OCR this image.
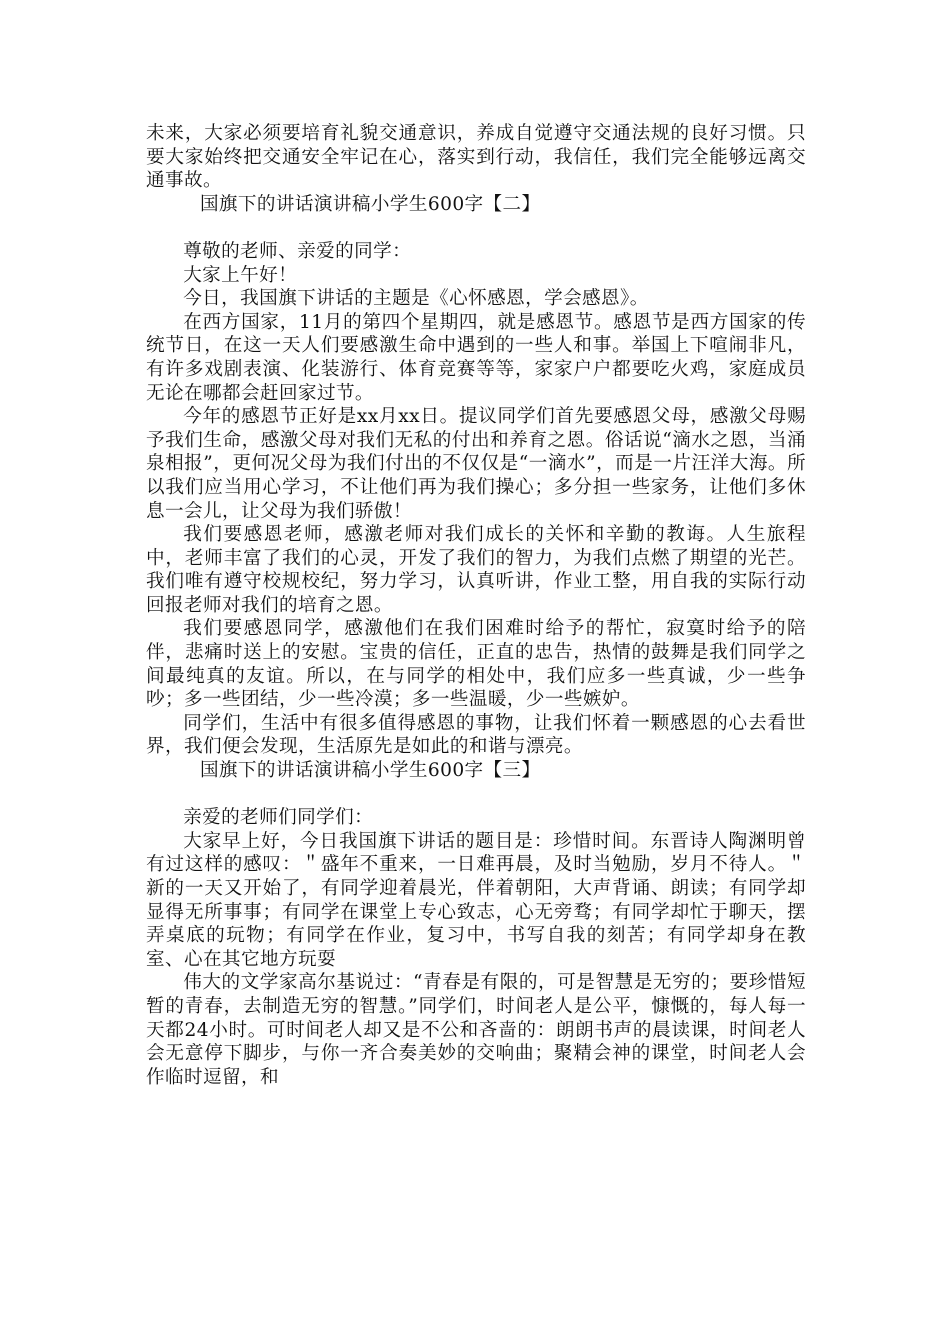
未来，大家必须要培育礼貌交通意识，养成自觉遵守交通法规的良好习惯。只要大家始终把交通安全牢记在心，落实到行动，我信任，我们完全能够远离交通事故。

国旗下的讲话演讲稿小学生600字【二】

尊敬的老师、亲爱的同学：

大家上午好！

今日，我国旗下讲话的主题是《心怀感恩，学会感恩》。

在西方国家，11月的第四个星期四，就是感恩节。感恩节是西方国家的传统节日，在这一天人们要感激生命中遇到的一些人和事。举国上下喧闹非凡，有许多戏剧表演、化装游行、体育竞赛等等，家家户户都要吃火鸡，家庭成员无论在哪都会赶回家过节。

今年的感恩节正好是xx月xx日。提议同学们首先要感恩父母，感激父母赐予我们生命，感激父母对我们无私的付出和养育之恩。俗话说“滴水之恩，当涌泉相报”，更何况父母为我们付出的不仅仅是“一滴水”，而是一片汪洋大海。所以我们应当用心学习，不让他们再为我们操心；多分担一些家务，让他们多休息一会儿，让父母为我们骄傲！

我们要感恩老师，感激老师对我们成长的关怀和辛勤的教诲。人生旅程中，老师丰富了我们的心灵，开发了我们的智力，为我们点燃了期望的光芒。我们唯有遵守校规校纪，努力学习，认真听讲，作业工整，用自我的实际行动回报老师对我们的培育之恩。

我们要感恩同学，感激他们在我们困难时给予的帮忙，寂寞时给予的陪伴，悲痛时送上的安慰。宝贵的信任，正直的忠告，热情的鼓舞是我们同学之间最纯真的友谊。所以，在与同学的相处中，我们应多一些真诚，少一些争吵；多一些团结，少一些冷漠；多一些温暖，少一些嫉妒。

同学们，生活中有很多值得感恩的事物，让我们怀着一颗感恩的心去看世界，我们便会发现，生活原先是如此的和谐与漂亮。

国旗下的讲话演讲稿小学生600字【三】

亲爱的老师们同学们：

大家早上好，今日我国旗下讲话的题目是：珍惜时间。东晋诗人陶渊明曾有过这样的感叹：＂盛年不重来，一日难再晨，及时当勉励，岁月不待人。＂新的一天又开始了，有同学迎着晨光，伴着朝阳，大声背诵、朗读；有同学却显得无所事事；有同学在课堂上专心致志，心无旁骛；有同学却忙于聊天，摆弄桌底的玩物；有同学在作业，复习中，书写自我的刻苦；有同学却身在教室、心在其它地方玩耍

伟大的文学家高尔基说过：“青春是有限的，可是智慧是无穷的；要珍惜短暂的青春，去制造无穷的智慧。”同学们，时间老人是公平，慷慨的，每人每一天都24小时。可时间老人却又是不公和吝啬的：朗朗书声的晨读课，时间老人会无意停下脚步，与你一齐合奏美妙的交响曲；聚精会神的课堂，时间老人会作临时逗留，和
